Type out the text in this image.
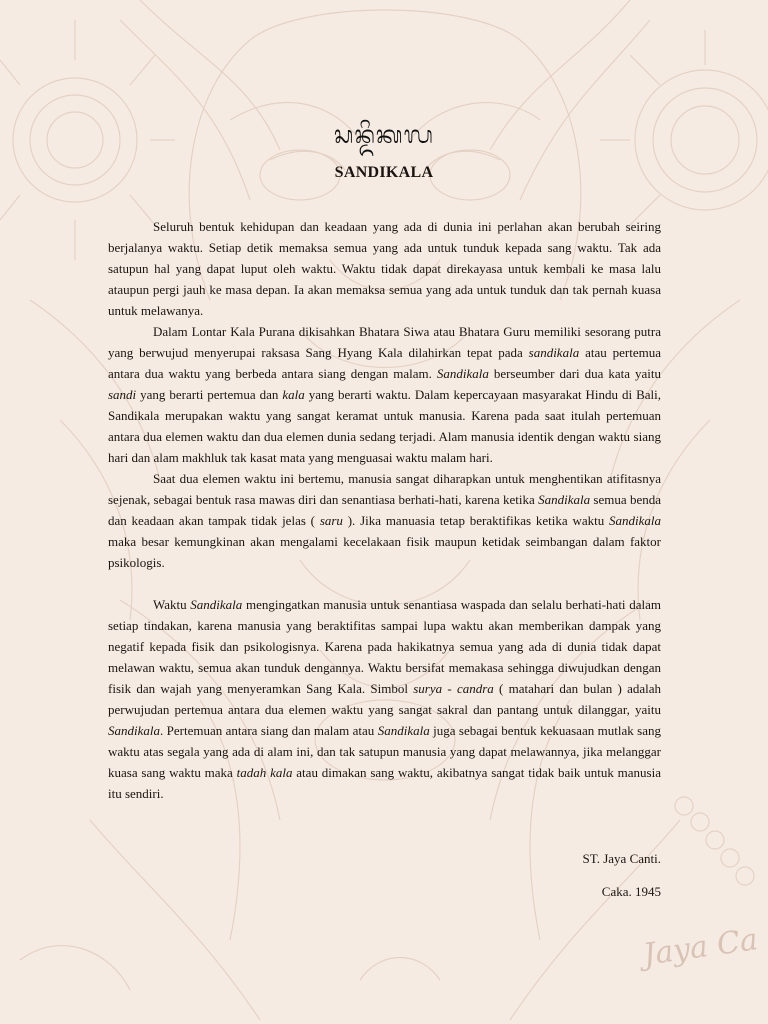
ᬲᬦ᭄ᬤᬶᬓᬮ
SANDIKALA

Seluruh bentuk kehidupan dan keadaan yang ada di dunia ini perlahan akan berubah seiring berjalanya waktu. Setiap detik memaksa semua yang ada untuk tunduk kepada sang waktu. Tak ada satupun hal yang dapat luput oleh waktu. Waktu tidak dapat direkayasa untuk kembali ke masa lalu ataupun pergi jauh ke masa depan. Ia akan memaksa semua yang ada untuk tunduk dan tak pernah kuasa untuk melawanya.

Dalam Lontar Kala Purana dikisahkan Bhatara Siwa atau Bhatara Guru memiliki sesorang putra yang berwujud menyerupai raksasa Sang Hyang Kala dilahirkan tepat pada sandikala atau pertemua antara dua waktu yang berbeda antara siang dengan malam. Sandikala berseumber dari dua kata yaitu sandi yang berarti pertemua dan kala yang berarti waktu. Dalam kepercayaan masyarakat Hindu di Bali, Sandikala merupakan waktu yang sangat keramat untuk manusia. Karena pada saat itulah pertemuan antara dua elemen waktu dan dua elemen dunia sedang terjadi. Alam manusia identik dengan waktu siang hari dan alam makhluk tak kasat mata yang menguasai waktu malam hari.

Saat dua elemen waktu ini bertemu, manusia sangat diharapkan untuk menghentikan atifitasnya sejenak, sebagai bentuk rasa mawas diri dan senantiasa berhati-hati, karena ketika Sandikala semua benda dan keadaan akan tampak tidak jelas ( saru ). Jika manuasia tetap beraktifikas ketika waktu Sandikala maka besar kemungkinan akan mengalami kecelakaan fisik maupun ketidak seimbangan dalam faktor psikologis.

Waktu Sandikala mengingatkan manusia untuk senantiasa waspada dan selalu berhati-hati dalam setiap tindakan, karena manusia yang beraktifitas sampai lupa waktu akan memberikan dampak yang negatif kepada fisik dan psikologisnya. Karena pada hakikatnya semua yang ada di dunia tidak dapat melawan waktu, semua akan tunduk dengannya. Waktu bersifat memakasa sehingga diwujudkan dengan fisik dan wajah yang menyeramkan Sang Kala. Simbol surya - candra ( matahari dan bulan ) adalah perwujudan pertemua antara dua elemen waktu yang sangat sakral dan pantang untuk dilanggar, yaitu Sandikala. Pertemuan antara siang dan malam atau Sandikala juga sebagai bentuk kekuasaan mutlak sang waktu atas segala yang ada di alam ini, dan tak satupun manusia yang dapat melawannya, jika melanggar kuasa sang waktu maka tadah kala atau dimakan sang waktu, akibatnya sangat tidak baik untuk manusia itu sendiri.

ST. Jaya Canti.
Caka. 1945
Jaya Ca
